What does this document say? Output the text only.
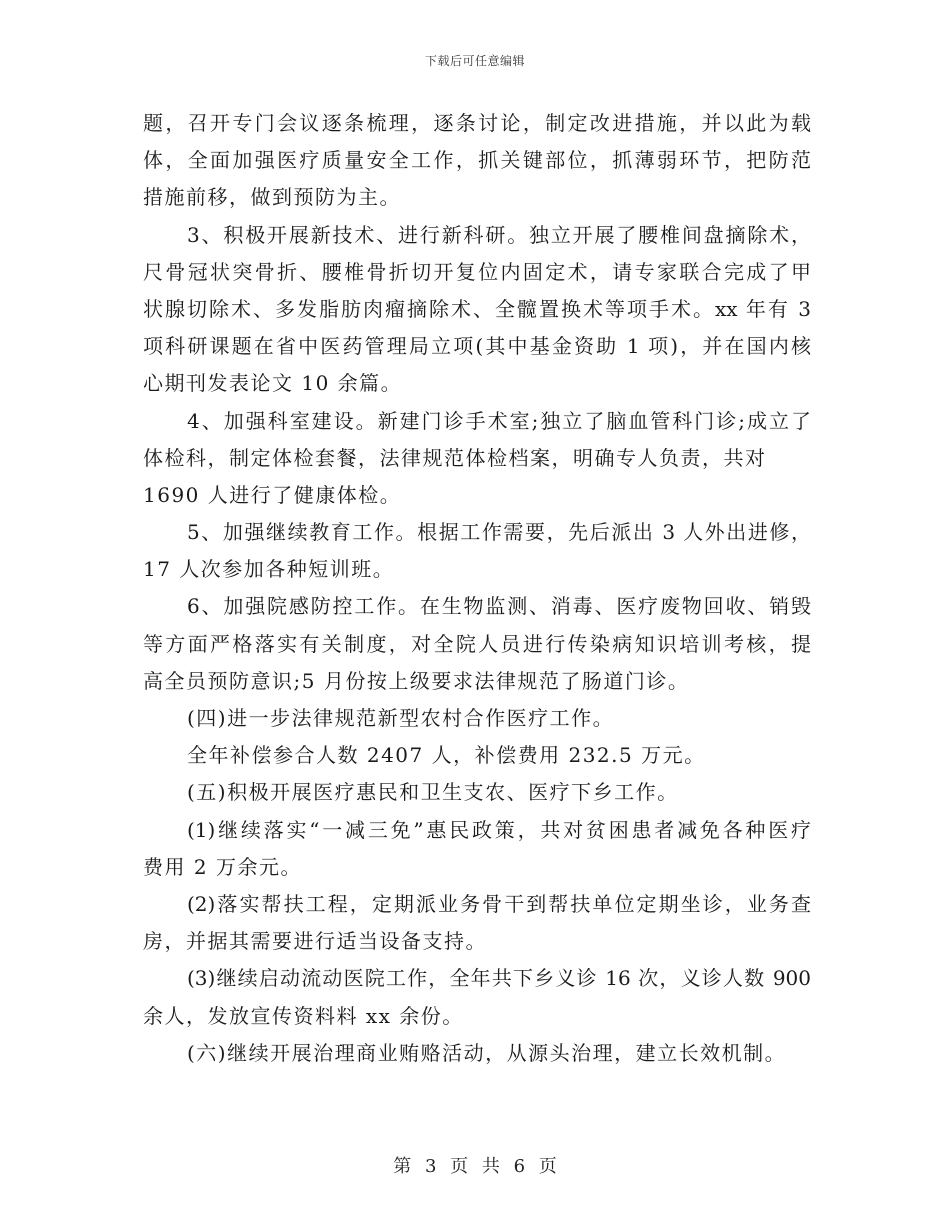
下载后可任意编辑
题，召开专门会议逐条梳理，逐条讨论，制定改进措施，并以此为载
体，全面加强医疗质量安全工作，抓关键部位，抓薄弱环节，把防范
措施前移，做到预防为主。
3、积极开展新技术、进行新科研。独立开展了腰椎间盘摘除术，
尺骨冠状突骨折、腰椎骨折切开复位内固定术，请专家联合完成了甲
状腺切除术、多发脂肪肉瘤摘除术、全髋置换术等项手术。xx 年有 3
项科研课题在省中医药管理局立项(其中基金资助 1 项)，并在国内核
心期刊发表论文 10 余篇。
4、加强科室建设。新建门诊手术室;独立了脑血管科门诊;成立了
体检科，制定体检套餐，法律规范体检档案，明确专人负责，共对
1690 人进行了健康体检。
5、加强继续教育工作。根据工作需要，先后派出 3 人外出进修，
17 人次参加各种短训班。
6、加强院感防控工作。在生物监测、消毒、医疗废物回收、销毁
等方面严格落实有关制度，对全院人员进行传染病知识培训考核，提
高全员预防意识;5 月份按上级要求法律规范了肠道门诊。
(四)进一步法律规范新型农村合作医疗工作。
全年补偿参合人数 2407 人，补偿费用 232.5 万元。
(五)积极开展医疗惠民和卫生支农、医疗下乡工作。
(1)继续落实“一减三免”惠民政策，共对贫困患者减免各种医疗
费用 2 万余元。
(2)落实帮扶工程，定期派业务骨干到帮扶单位定期坐诊，业务查
房，并据其需要进行适当设备支持。
(3)继续启动流动医院工作，全年共下乡义诊 16 次，义诊人数 900
余人，发放宣传资料料 xx 余份。
(六)继续开展治理商业贿赂活动，从源头治理，建立长效机制。
第 3 页 共 6 页
